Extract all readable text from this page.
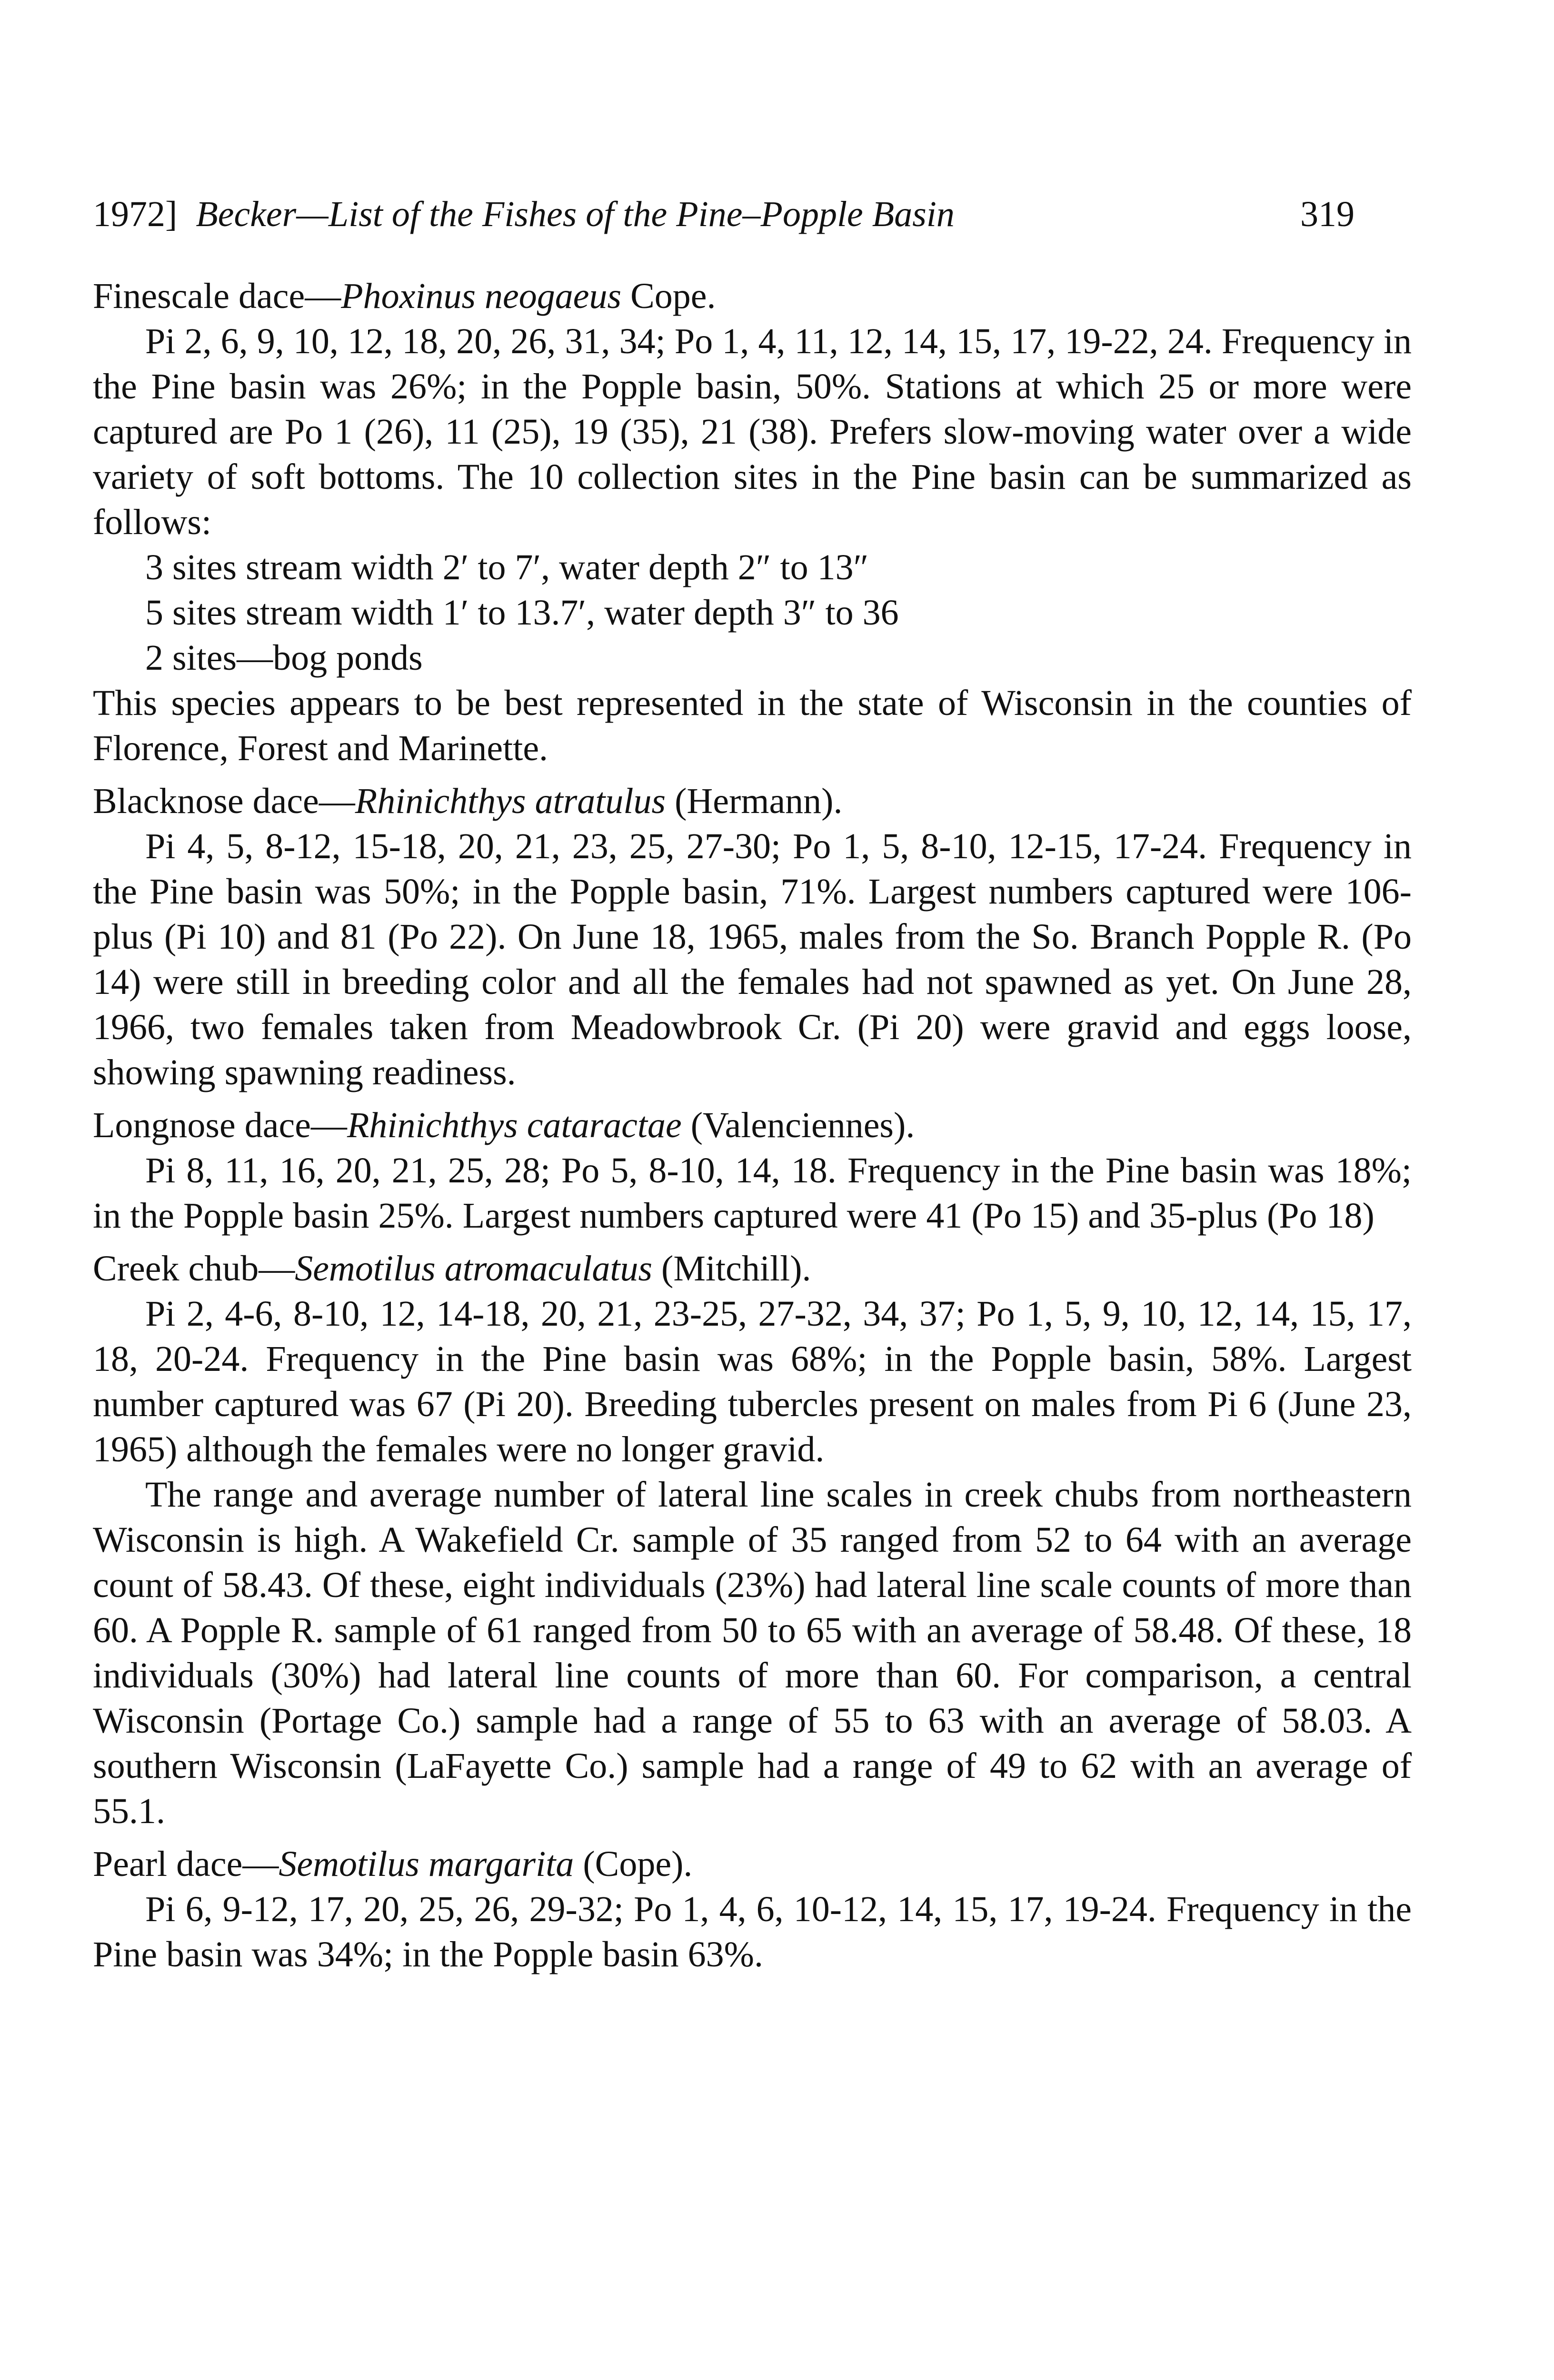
1972] Becker—List of the Fishes of the Pine–Popple Basin	319

Finescale dace—Phoxinus neogaeus Cope.

Pi 2, 6, 9, 10, 12, 18, 20, 26, 31, 34; Po 1, 4, 11, 12, 14, 15, 17, 19-22, 24. Frequency in the Pine basin was 26%; in the Popple basin, 50%. Stations at which 25 or more were captured are Po 1 (26), 11 (25), 19 (35), 21 (38). Prefers slow-moving water over a wide variety of soft bottoms. The 10 collection sites in the Pine basin can be summarized as follows:

3 sites stream width 2′ to 7′, water depth 2″ to 13″
5 sites stream width 1′ to 13.7′, water depth 3″ to 36
2 sites—bog ponds

This species appears to be best represented in the state of Wisconsin in the counties of Florence, Forest and Marinette.

Blacknose dace—Rhinichthys atratulus (Hermann).

Pi 4, 5, 8-12, 15-18, 20, 21, 23, 25, 27-30; Po 1, 5, 8-10, 12-15, 17-24. Frequency in the Pine basin was 50%; in the Popple basin, 71%. Largest numbers captured were 106-plus (Pi 10) and 81 (Po 22). On June 18, 1965, males from the So. Branch Popple R. (Po 14) were still in breeding color and all the females had not spawned as yet. On June 28, 1966, two females taken from Meadowbrook Cr. (Pi 20) were gravid and eggs loose, showing spawning readiness.

Longnose dace—Rhinichthys cataractae (Valenciennes).

Pi 8, 11, 16, 20, 21, 25, 28; Po 5, 8-10, 14, 18. Frequency in the Pine basin was 18%; in the Popple basin 25%. Largest numbers captured were 41 (Po 15) and 35-plus (Po 18)

Creek chub—Semotilus atromaculatus (Mitchill).

Pi 2, 4-6, 8-10, 12, 14-18, 20, 21, 23-25, 27-32, 34, 37; Po 1, 5, 9, 10, 12, 14, 15, 17, 18, 20-24. Frequency in the Pine basin was 68%; in the Popple basin, 58%. Largest number captured was 67 (Pi 20). Breeding tubercles present on males from Pi 6 (June 23, 1965) although the females were no longer gravid.

The range and average number of lateral line scales in creek chubs from northeastern Wisconsin is high. A Wakefield Cr. sample of 35 ranged from 52 to 64 with an average count of 58.43. Of these, eight individuals (23%) had lateral line scale counts of more than 60. A Popple R. sample of 61 ranged from 50 to 65 with an average of 58.48. Of these, 18 individuals (30%) had lateral line counts of more than 60. For comparison, a central Wisconsin (Portage Co.) sample had a range of 55 to 63 with an average of 58.03. A southern Wisconsin (LaFayette Co.) sample had a range of 49 to 62 with an average of 55.1.

Pearl dace—Semotilus margarita (Cope).

Pi 6, 9-12, 17, 20, 25, 26, 29-32; Po 1, 4, 6, 10-12, 14, 15, 17, 19-24. Frequency in the Pine basin was 34%; in the Popple basin 63%.
